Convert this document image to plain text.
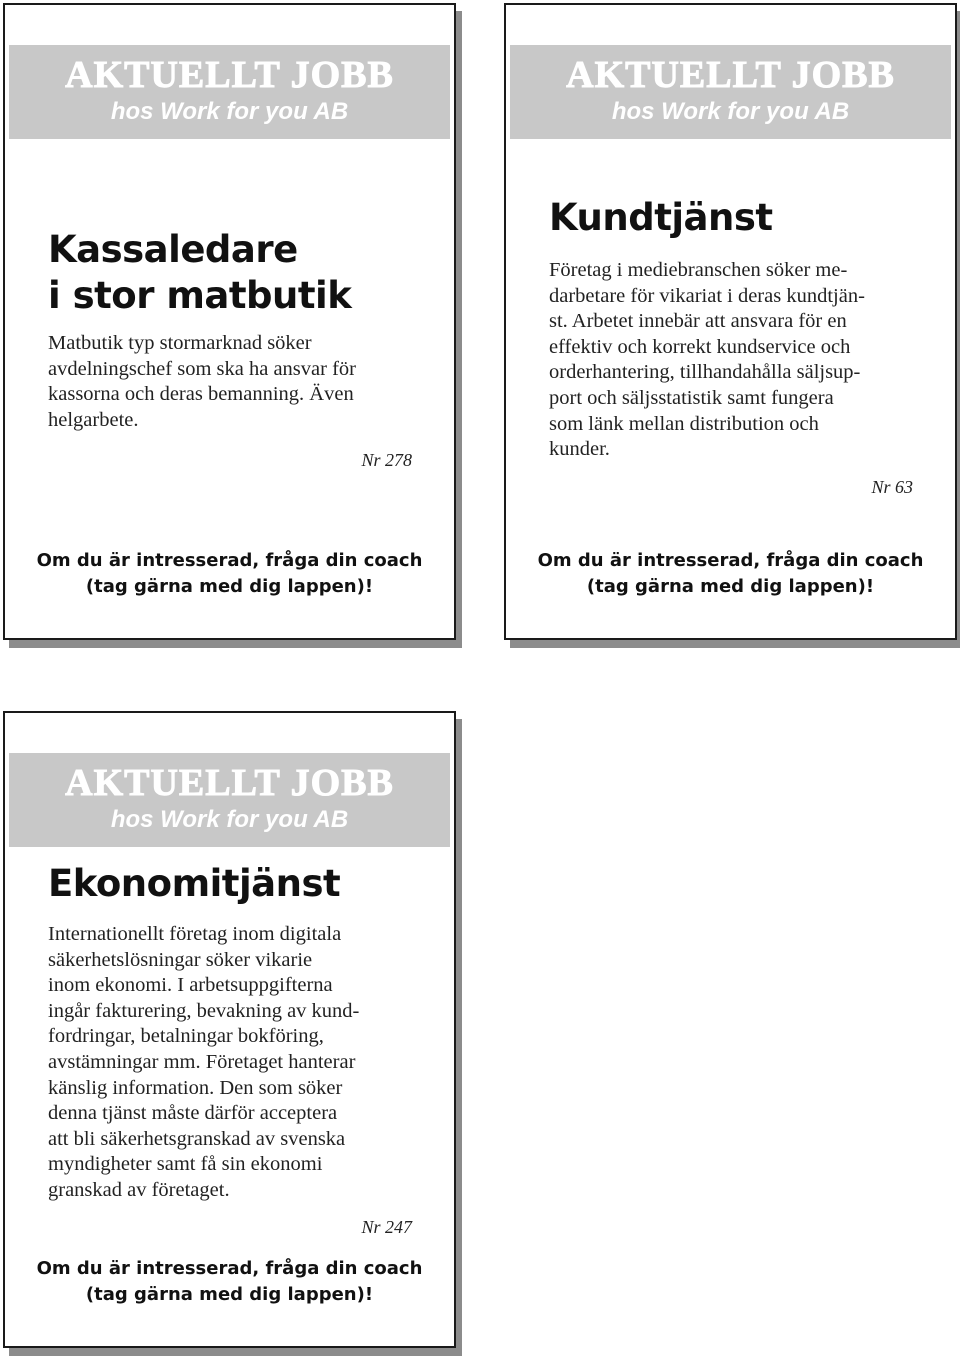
AKTUELLT JOBB
hos Work for you AB
Kassaledare
i stor matbutik
Matbutik typ stormarknad söker
avdelningschef som ska ha ansvar för
kassorna och deras bemanning. Även
helgarbete.
Nr 278
Om du är intresserad, fråga din coach
(tag gärna med dig lappen)!
AKTUELLT JOBB
hos Work for you AB
Kundtjänst
Företag i mediebranschen söker me-
darbetare för vikariat i deras kundtjän-
st. Arbetet innebär att ansvara för en
effektiv och korrekt kundservice och
orderhantering, tillhandahålla säljsup-
port och säljsstatistik samt fungera
som länk mellan distribution och
kunder.
Nr 63
Om du är intresserad, fråga din coach
(tag gärna med dig lappen)!
AKTUELLT JOBB
hos Work for you AB
Ekonomitjänst
Internationellt företag inom digitala
säkerhetslösningar söker vikarie
inom ekonomi. I arbetsuppgifterna
ingår fakturering, bevakning av kund-
fordringar, betalningar bokföring,
avstämningar mm. Företaget hanterar
känslig information. Den som söker
denna tjänst måste därför acceptera
att bli säkerhetsgranskad av svenska
myndigheter samt få sin ekonomi
granskad av företaget.
Nr 247
Om du är intresserad, fråga din coach
(tag gärna med dig lappen)!
